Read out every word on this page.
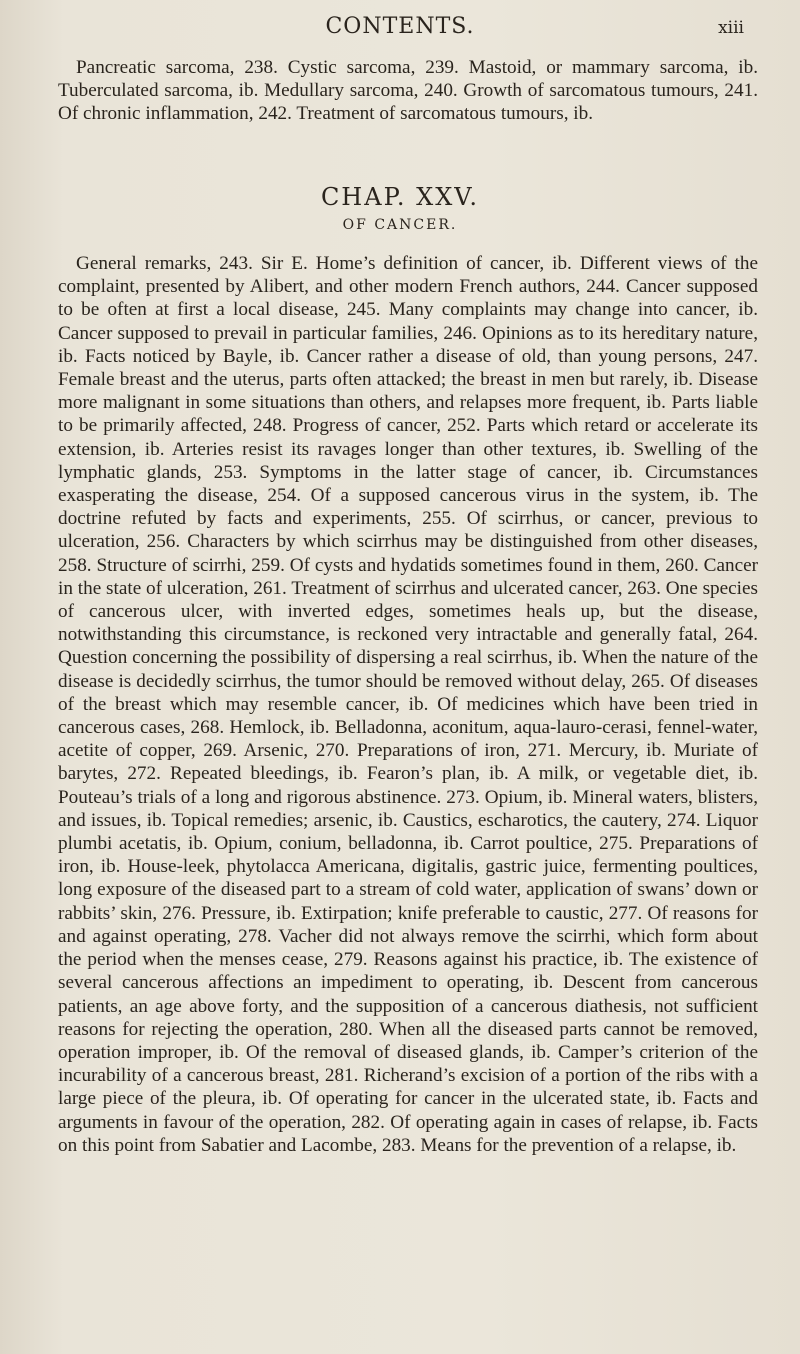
CONTENTS.	xiii

Pancreatic sarcoma, 238. Cystic sarcoma, 239. Mastoid, or mammary sarcoma, ib. Tuberculated sarcoma, ib. Medullary sarcoma, 240. Growth of sarcomatous tumours, 241. Of chronic inflammation, 242. Treatment of sarcomatous tumours, ib.

CHAP. XXV.
OF CANCER.

General remarks, 243. Sir E. Home’s definition of cancer, ib. Different views of the complaint, presented by Alibert, and other modern French authors, 244. Cancer supposed to be often at first a local disease, 245. Many complaints may change into cancer, ib. Cancer supposed to prevail in particular families, 246. Opinions as to its hereditary nature, ib. Facts noticed by Bayle, ib. Cancer rather a disease of old, than young persons, 247. Female breast and the uterus, parts often attacked; the breast in men but rarely, ib. Disease more malignant in some situations than others, and relapses more frequent, ib. Parts liable to be primarily affected, 248. Progress of cancer, 252. Parts which retard or accelerate its extension, ib. Arteries resist its ravages longer than other textures, ib. Swelling of the lymphatic glands, 253. Symptoms in the latter stage of cancer, ib. Circumstances exasperating the disease, 254. Of a supposed cancerous virus in the system, ib. The doctrine refuted by facts and experiments, 255. Of scirrhus, or cancer, previous to ulceration, 256. Characters by which scirrhus may be distinguished from other diseases, 258. Structure of scirrhi, 259. Of cysts and hydatids sometimes found in them, 260. Cancer in the state of ulceration, 261. Treatment of scirrhus and ulcerated cancer, 263. One species of cancerous ulcer, with inverted edges, sometimes heals up, but the disease, notwithstanding this circumstance, is reckoned very intractable and generally fatal, 264. Question concerning the possibility of dispersing a real scirrhus, ib. When the nature of the disease is decidedly scirrhus, the tumor should be removed without delay, 265. Of diseases of the breast which may resemble cancer, ib. Of medicines which have been tried in cancerous cases, 268. Hemlock, ib. Belladonna, aconitum, aqua-lauro-cerasi, fennel-water, acetite of copper, 269. Arsenic, 270. Preparations of iron, 271. Mercury, ib. Muriate of barytes, 272. Repeated bleedings, ib. Fearon’s plan, ib. A milk, or vegetable diet, ib. Pouteau’s trials of a long and rigorous abstinence. 273. Opium, ib. Mineral waters, blisters, and issues, ib. Topical remedies; arsenic, ib. Caustics, escharotics, the cautery, 274. Liquor plumbi acetatis, ib. Opium, conium, belladonna, ib. Carrot poultice, 275. Preparations of iron, ib. House-leek, phytolacca Americana, digitalis, gastric juice, fermenting poultices, long exposure of the diseased part to a stream of cold water, application of swans’ down or rabbits’ skin, 276. Pressure, ib. Extirpation; knife preferable to caustic, 277. Of reasons for and against operating, 278. Vacher did not always remove the scirrhi, which form about the period when the menses cease, 279. Reasons against his practice, ib. The existence of several cancerous affections an impediment to operating, ib. Descent from cancerous patients, an age above forty, and the supposition of a cancerous diathesis, not sufficient reasons for rejecting the operation, 280. When all the diseased parts cannot be removed, operation improper, ib. Of the removal of diseased glands, ib. Camper’s criterion of the incurability of a cancerous breast, 281. Richerand’s excision of a portion of the ribs with a large piece of the pleura, ib. Of operating for cancer in the ulcerated state, ib. Facts and arguments in favour of the operation, 282. Of operating again in cases of relapse, ib. Facts on this point from Sabatier and Lacombe, 283. Means for the prevention of a relapse, ib.
